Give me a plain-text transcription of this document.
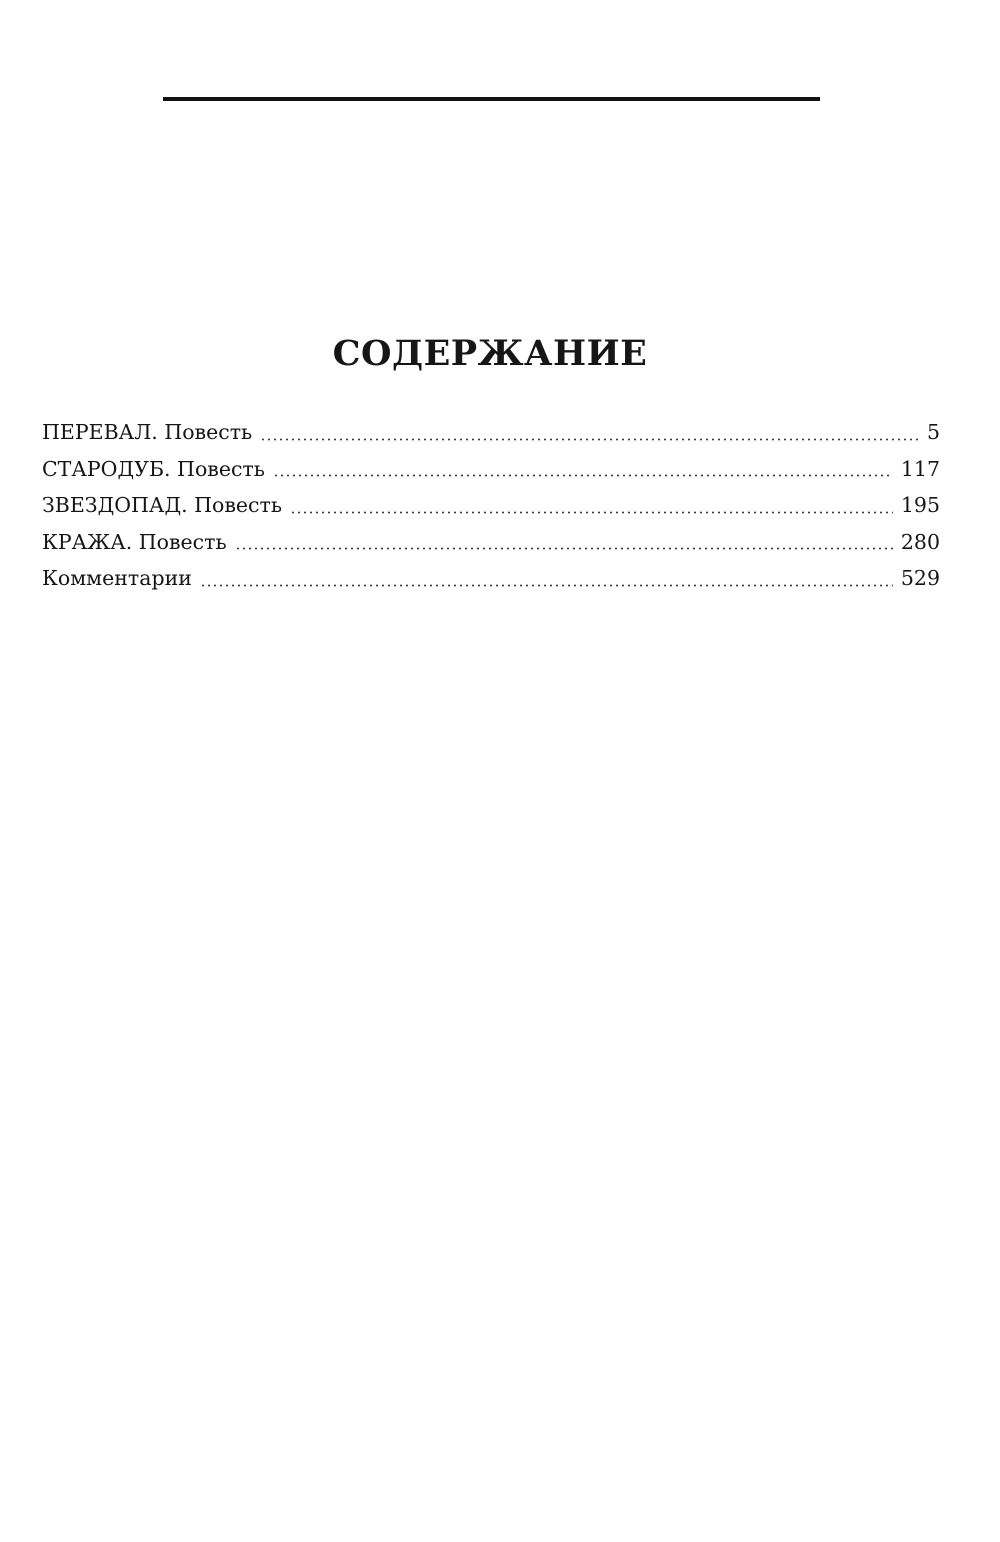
СОДЕРЖАНИЕ
ПЕРЕВАЛ. Повесть	5
СТАРОДУБ. Повесть	117
ЗВЕЗДОПАД. Повесть	195
КРАЖА. Повесть	280
Комментарии	529
